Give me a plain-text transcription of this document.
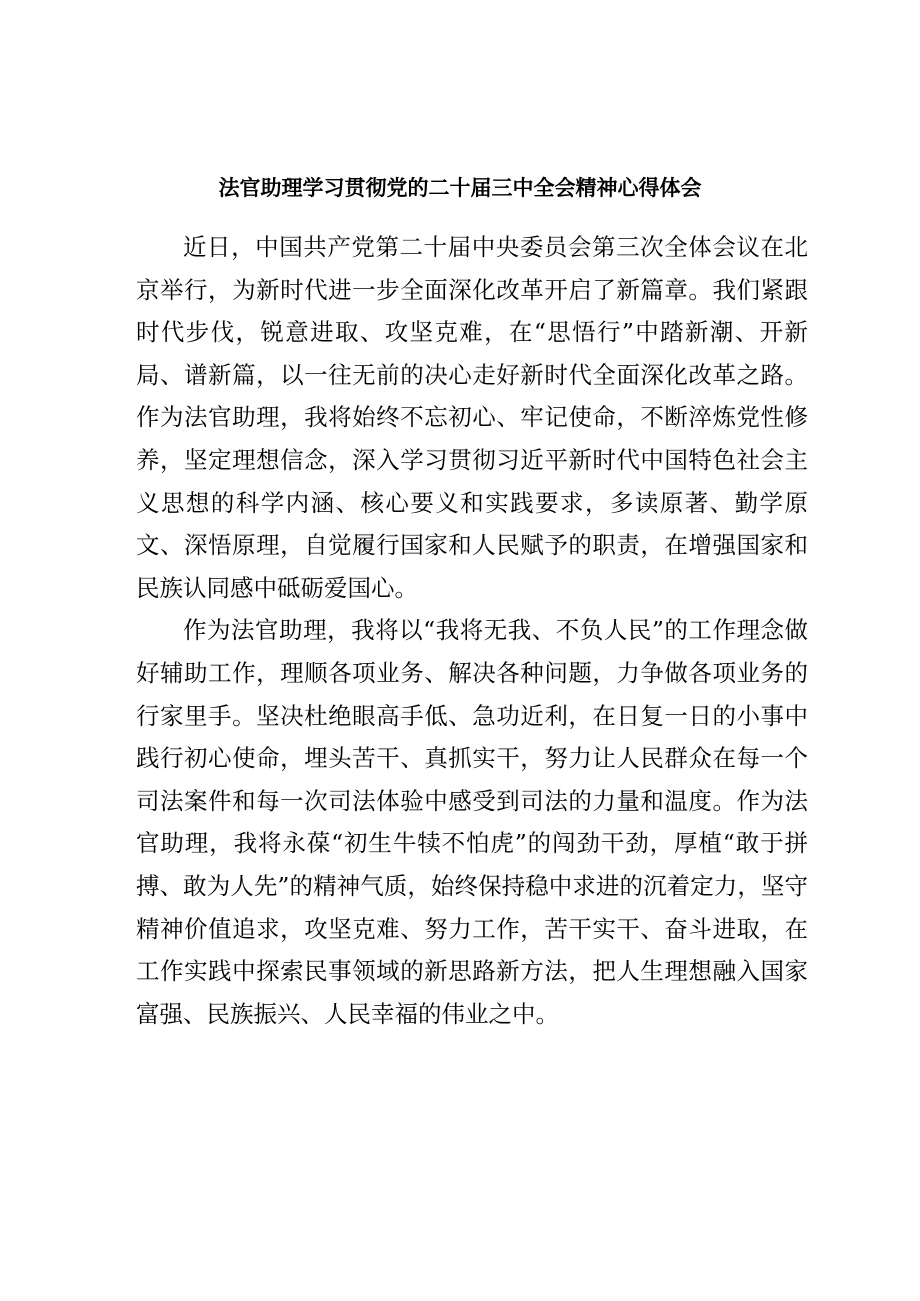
法官助理学习贯彻党的二十届三中全会精神心得体会

近日，中国共产党第二十届中央委员会第三次全体会议在北京举行，为新时代进一步全面深化改革开启了新篇章。我们紧跟时代步伐，锐意进取、攻坚克难，在“思悟行”中踏新潮、开新局、谱新篇，以一往无前的决心走好新时代全面深化改革之路。作为法官助理，我将始终不忘初心、牢记使命，不断淬炼党性修养，坚定理想信念，深入学习贯彻习近平新时代中国特色社会主义思想的科学内涵、核心要义和实践要求，多读原著、勤学原文、深悟原理，自觉履行国家和人民赋予的职责，在增强国家和民族认同感中砥砺爱国心。

作为法官助理，我将以“我将无我、不负人民”的工作理念做好辅助工作，理顺各项业务、解决各种问题，力争做各项业务的行家里手。坚决杜绝眼高手低、急功近利，在日复一日的小事中践行初心使命，埋头苦干、真抓实干，努力让人民群众在每一个司法案件和每一次司法体验中感受到司法的力量和温度。作为法官助理，我将永葆“初生牛犊不怕虎”的闯劲干劲，厚植“敢于拼搏、敢为人先”的精神气质，始终保持稳中求进的沉着定力，坚守精神价值追求，攻坚克难、努力工作，苦干实干、奋斗进取，在工作实践中探索民事领域的新思路新方法，把人生理想融入国家富强、民族振兴、人民幸福的伟业之中。
